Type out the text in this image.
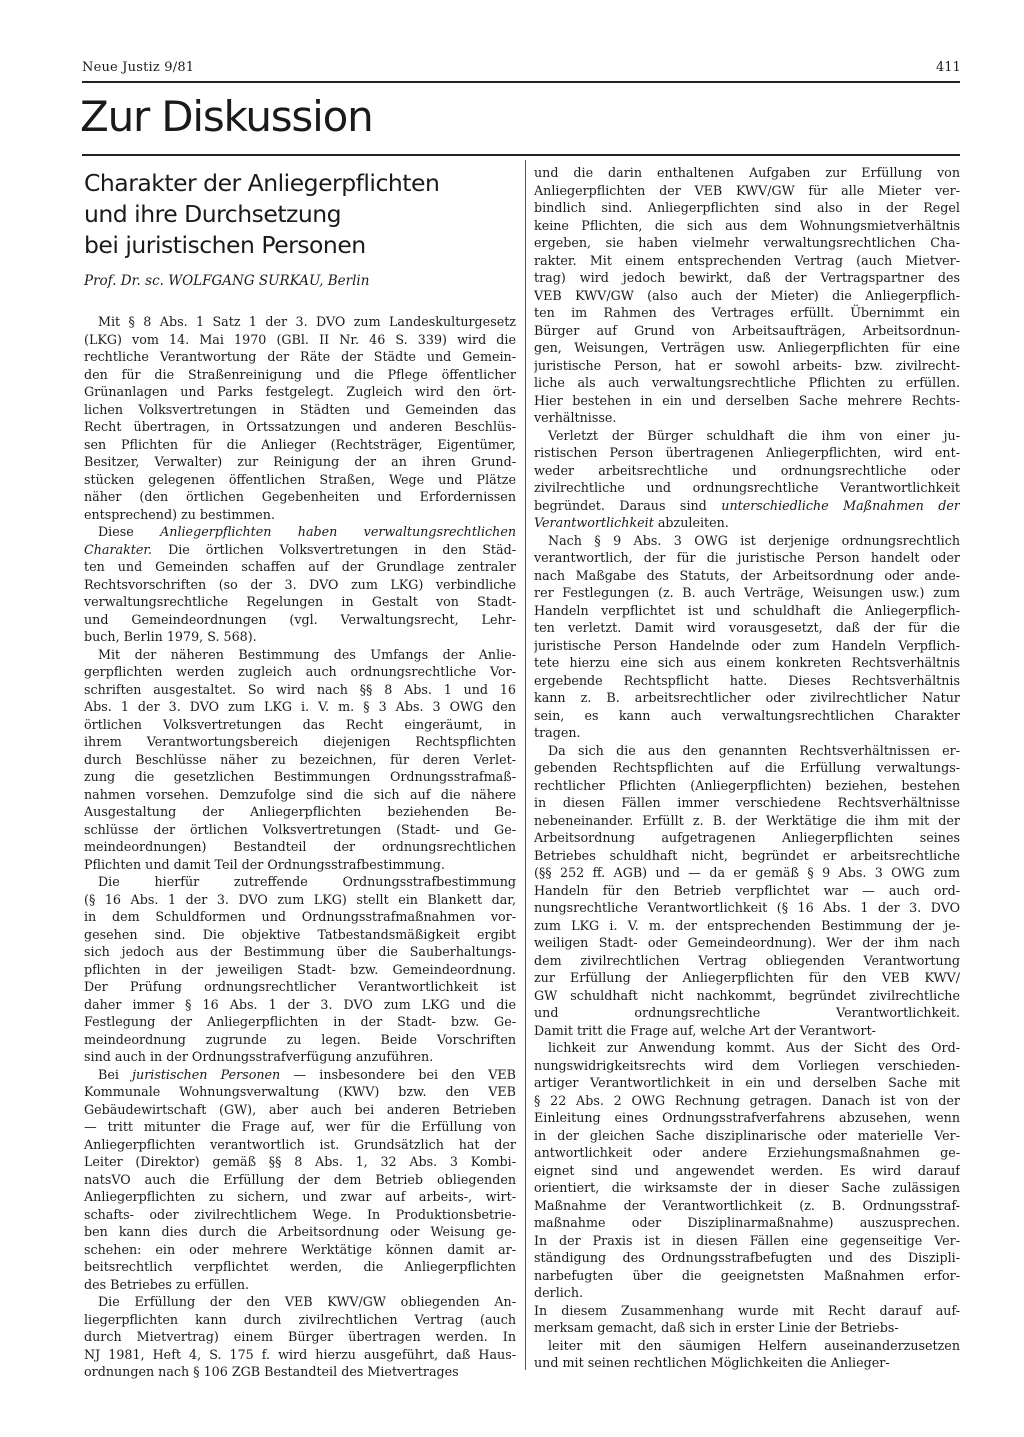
Neue Justiz 9/81	411
Zur Diskussion
Charakter der Anliegerpflichten
und ihre Durchsetzung
bei juristischen Personen
Prof. Dr. sc. WOLFGANG SURKAU, Berlin
Mit § 8 Abs. 1 Satz 1 der 3. DVO zum Landeskulturgesetz
(LKG) vom 14. Mai 1970 (GBl. II Nr. 46 S. 339) wird die
rechtliche Verantwortung der Räte der Städte und Gemein-
den für die Straßenreinigung und die Pflege öffentlicher
Grünanlagen und Parks festgelegt. Zugleich wird den ört-
lichen Volksvertretungen in Städten und Gemeinden das
Recht übertragen, in Ortssatzungen und anderen Beschlüs-
sen Pflichten für die Anlieger (Rechtsträger, Eigentümer,
Besitzer, Verwalter) zur Reinigung der an ihren Grund-
stücken gelegenen öffentlichen Straßen, Wege und Plätze
näher (den örtlichen Gegebenheiten und Erfordernissen
entsprechend) zu bestimmen.
Diese Anliegerpflichten haben verwaltungsrechtlichen
Charakter. Die örtlichen Volksvertretungen in den Städ-
ten und Gemeinden schaffen auf der Grundlage zentraler
Rechtsvorschriften (so der 3. DVO zum LKG) verbindliche
verwaltungsrechtliche Regelungen in Gestalt von Stadt-
und Gemeindeordnungen (vgl. Verwaltungsrecht, Lehr-
buch, Berlin 1979, S. 568).
Mit der näheren Bestimmung des Umfangs der Anlie-
gerpflichten werden zugleich auch ordnungsrechtliche Vor-
schriften ausgestaltet. So wird nach §§ 8 Abs. 1 und 16
Abs. 1 der 3. DVO zum LKG i. V. m. § 3 Abs. 3 OWG den
örtlichen Volksvertretungen das Recht eingeräumt, in
ihrem Verantwortungsbereich diejenigen Rechtspflichten
durch Beschlüsse näher zu bezeichnen, für deren Verlet-
zung die gesetzlichen Bestimmungen Ordnungsstrafmaß-
nahmen vorsehen. Demzufolge sind die sich auf die nähere
Ausgestaltung der Anliegerpflichten beziehenden Be-
schlüsse der örtlichen Volksvertretungen (Stadt- und Ge-
meindeordnungen) Bestandteil der ordnungsrechtlichen
Pflichten und damit Teil der Ordnungsstrafbestimmung.
Die hierfür zutreffende Ordnungsstrafbestimmung
(§ 16 Abs. 1 der 3. DVO zum LKG) stellt ein Blankett dar,
in dem Schuldformen und Ordnungsstrafmaßnahmen vor-
gesehen sind. Die objektive Tatbestandsmäßigkeit ergibt
sich jedoch aus der Bestimmung über die Sauberhaltungs-
pflichten in der jeweiligen Stadt- bzw. Gemeindeordnung.
Der Prüfung ordnungsrechtlicher Verantwortlichkeit ist
daher immer § 16 Abs. 1 der 3. DVO zum LKG und die
Festlegung der Anliegerpflichten in der Stadt- bzw. Ge-
meindeordnung zugrunde zu legen. Beide Vorschriften
sind auch in der Ordnungsstrafverfügung anzuführen.
Bei juristischen Personen — insbesondere bei den VEB
Kommunale Wohnungsverwaltung (KWV) bzw. den VEB
Gebäudewirtschaft (GW), aber auch bei anderen Betrieben
— tritt mitunter die Frage auf, wer für die Erfüllung von
Anliegerpflichten verantwortlich ist. Grundsätzlich hat der
Leiter (Direktor) gemäß §§ 8 Abs. 1, 32 Abs. 3 Kombi-
natsVO auch die Erfüllung der dem Betrieb obliegenden
Anliegerpflichten zu sichern, und zwar auf arbeits-, wirt-
schafts- oder zivilrechtlichem Wege. In Produktionsbetrie-
ben kann dies durch die Arbeitsordnung oder Weisung ge-
schehen: ein oder mehrere Werktätige können damit ar-
beitsrechtlich verpflichtet werden, die Anliegerpflichten
des Betriebes zu erfüllen.
Die Erfüllung der den VEB KWV/GW obliegenden An-
liegerpflichten kann durch zivilrechtlichen Vertrag (auch
durch Mietvertrag) einem Bürger übertragen werden. In
NJ 1981, Heft 4, S. 175 f. wird hierzu ausgeführt, daß Haus-
ordnungen nach § 106 ZGB Bestandteil des Mietvertrages
und die darin enthaltenen Aufgaben zur Erfüllung von
Anliegerpflichten der VEB KWV/GW für alle Mieter ver-
bindlich sind. Anliegerpflichten sind also in der Regel
keine Pflichten, die sich aus dem Wohnungsmietverhältnis
ergeben, sie haben vielmehr verwaltungsrechtlichen Cha-
rakter. Mit einem entsprechenden Vertrag (auch Mietver-
trag) wird jedoch bewirkt, daß der Vertragspartner des
VEB KWV/GW (also auch der Mieter) die Anliegerpflich-
ten im Rahmen des Vertrages erfüllt. Übernimmt ein
Bürger auf Grund von Arbeitsaufträgen, Arbeitsordnun-
gen, Weisungen, Verträgen usw. Anliegerpflichten für eine
juristische Person, hat er sowohl arbeits- bzw. zivilrecht-
liche als auch verwaltungsrechtliche Pflichten zu erfüllen.
Hier bestehen in ein und derselben Sache mehrere Rechts-
verhältnisse.
Verletzt der Bürger schuldhaft die ihm von einer ju-
ristischen Person übertragenen Anliegerpflichten, wird ent-
weder arbeitsrechtliche und ordnungsrechtliche oder
zivilrechtliche und ordnungsrechtliche Verantwortlichkeit
begründet. Daraus sind unterschiedliche Maßnahmen der
Verantwortlichkeit abzuleiten.
Nach § 9 Abs. 3 OWG ist derjenige ordnungsrechtlich
verantwortlich, der für die juristische Person handelt oder
nach Maßgabe des Statuts, der Arbeitsordnung oder ande-
rer Festlegungen (z. B. auch Verträge, Weisungen usw.) zum
Handeln verpflichtet ist und schuldhaft die Anliegerpflich-
ten verletzt. Damit wird vorausgesetzt, daß der für die
juristische Person Handelnde oder zum Handeln Verpflich-
tete hierzu eine sich aus einem konkreten Rechtsverhältnis
ergebende Rechtspflicht hatte. Dieses Rechtsverhältnis
kann z. B. arbeitsrechtlicher oder zivilrechtlicher Natur
sein, es kann auch verwaltungsrechtlichen Charakter
tragen.
Da sich die aus den genannten Rechtsverhältnissen er-
gebenden Rechtspflichten auf die Erfüllung verwaltungs-
rechtlicher Pflichten (Anliegerpflichten) beziehen, bestehen
in diesen Fällen immer verschiedene Rechtsverhältnisse
nebeneinander. Erfüllt z. B. der Werktätige die ihm mit der
Arbeitsordnung aufgetragenen Anliegerpflichten seines
Betriebes schuldhaft nicht, begründet er arbeitsrechtliche
(§§ 252 ff. AGB) und — da er gemäß § 9 Abs. 3 OWG zum
Handeln für den Betrieb verpflichtet war — auch ord-
nungsrechtliche Verantwortlichkeit (§ 16 Abs. 1 der 3. DVO
zum LKG i. V. m. der entsprechenden Bestimmung der je-
weiligen Stadt- oder Gemeindeordnung). Wer der ihm nach
dem zivilrechtlichen Vertrag obliegenden Verantwortung
zur Erfüllung der Anliegerpflichten für den VEB KWV/
GW schuldhaft nicht nachkommt, begründet zivilrechtliche
und ordnungsrechtliche Verantwortlichkeit.
Damit tritt die Frage auf, welche Art der Verantwort-
lichkeit zur Anwendung kommt. Aus der Sicht des Ord-
nungswidrigkeitsrechts wird dem Vorliegen verschieden-
artiger Verantwortlichkeit in ein und derselben Sache mit
§ 22 Abs. 2 OWG Rechnung getragen. Danach ist von der
Einleitung eines Ordnungsstrafverfahrens abzusehen, wenn
in der gleichen Sache disziplinarische oder materielle Ver-
antwortlichkeit oder andere Erziehungsmaßnahmen ge-
eignet sind und angewendet werden. Es wird darauf
orientiert, die wirksamste der in dieser Sache zulässigen
Maßnahme der Verantwortlichkeit (z. B. Ordnungsstraf-
maßnahme oder Disziplinarmaßnahme) auszusprechen.
In der Praxis ist in diesen Fällen eine gegenseitige Ver-
ständigung des Ordnungsstrafbefugten und des Diszipli-
narbefugten über die geeignetsten Maßnahmen erfor-
derlich.
In diesem Zusammenhang wurde mit Recht darauf auf-
merksam gemacht, daß sich in erster Linie der Betriebs-
leiter mit den säumigen Helfern auseinanderzusetzen
und mit seinen rechtlichen Möglichkeiten die Anlieger-
